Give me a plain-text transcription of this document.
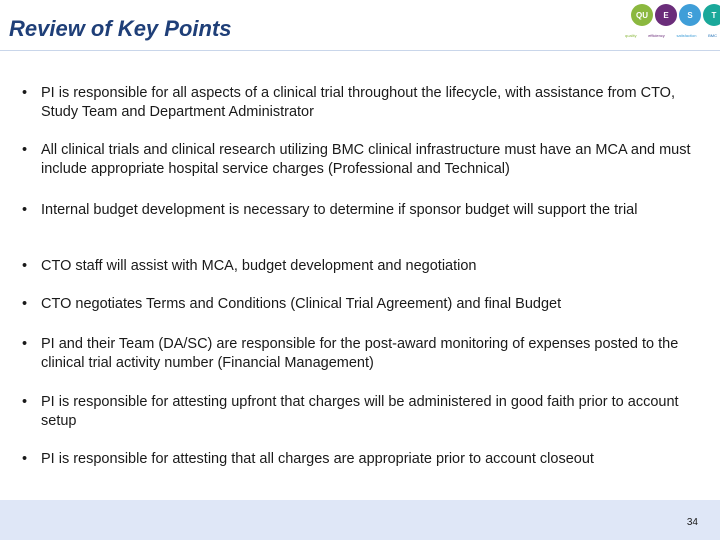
Review of Key Points
QU	E	S	T
quality	efficiency	satisfaction	BMC
• PI is responsible for all aspects of a clinical trial throughout the lifecycle, with assistance from CTO, Study Team and Department Administrator
• All clinical trials and clinical research utilizing BMC clinical infrastructure must have an MCA and must include appropriate hospital service charges (Professional and Technical)
• Internal budget development is necessary to determine if sponsor budget will support the trial
• CTO staff will assist with MCA, budget development and negotiation
• CTO negotiates Terms and Conditions (Clinical Trial Agreement) and final Budget
• PI and their Team (DA/SC) are responsible for the post-award monitoring of expenses posted to the clinical trial activity number (Financial Management)
• PI is responsible for attesting upfront that charges will be administered in good faith prior to account setup
• PI is responsible for attesting that all charges are appropriate prior to account closeout
34
